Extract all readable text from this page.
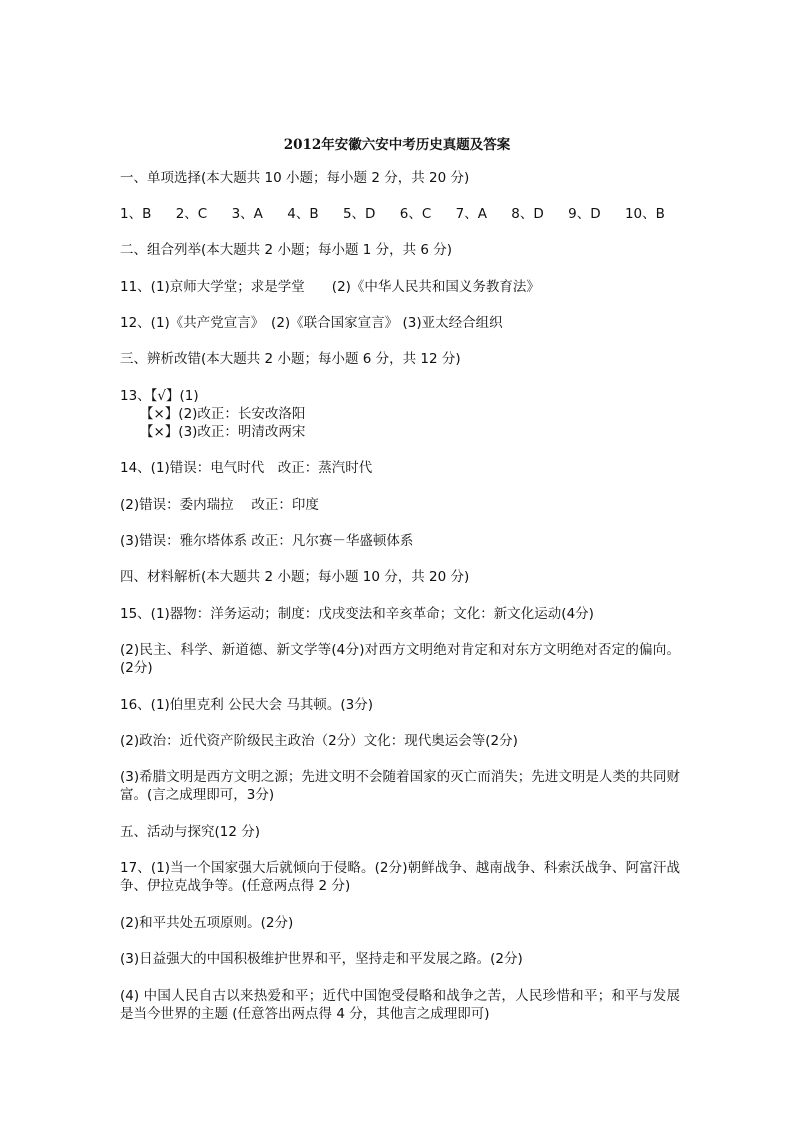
2012年安徽六安中考历史真题及答案
一、单项选择(本大题共 10 小题；每小题 2 分，共 20 分)
1、B 2、C 3、A 4、B 5、D 6、C 7、A 8、D 9、D 10、B
二、组合列举(本大题共 2 小题；每小题 1 分，共 6 分)
11、(1)京师大学堂；求是学堂　　(2)《中华人民共和国义务教育法》
12、(1)《共产党宣言》　(2)《联合国家宣言》 (3)亚太经合组织
三、辨析改错(本大题共 2 小题；每小题 6 分，共 12 分)
13、【√】(1)
【×】(2)改正：长安改洛阳
【×】(3)改正：明清改两宋
14、(1)错误：电气时代　改正：蒸汽时代
(2)错误：委内瑞拉　 改正：印度
(3)错误：雅尔塔体系 改正：凡尔赛－华盛顿体系
四、材料解析(本大题共 2 小题；每小题 10 分，共 20 分)
15、(1)器物：洋务运动；制度：戊戌变法和辛亥革命；文化：新文化运动(4分)
(2)民主、科学、新道德、新文学等(4分)对西方文明绝对肯定和对东方文明绝对否定的偏向。(2分)
16、(1)伯里克利 公民大会 马其顿。(3分)
(2)政治：近代资产阶级民主政治（2分）文化：现代奥运会等(2分)
(3)希腊文明是西方文明之源；先进文明不会随着国家的灭亡而消失；先进文明是人类的共同财富。(言之成理即可，3分)
五、活动与探究(12 分)
17、(1)当一个国家强大后就倾向于侵略。(2分)朝鲜战争、越南战争、科索沃战争、阿富汗战争、伊拉克战争等。(任意两点得 2 分)
(2)和平共处五项原则。(2分)
(3)日益强大的中国积极维护世界和平，坚持走和平发展之路。(2分)
(4) 中国人民自古以来热爱和平；近代中国饱受侵略和战争之苦，人民珍惜和平；和平与发展是当今世界的主题 (任意答出两点得 4 分，其他言之成理即可)
